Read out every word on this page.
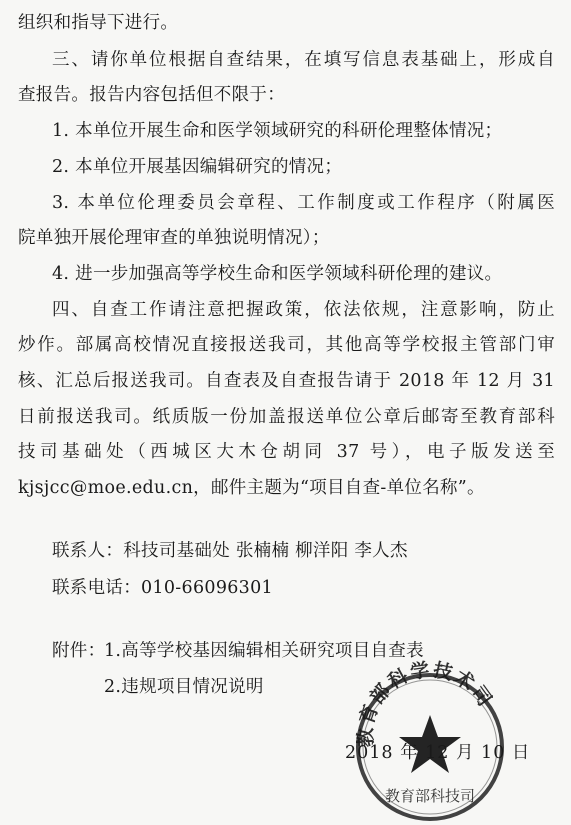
组织和指导下进行。
三、请你单位根据自查结果，在填写信息表基础上，形成自
查报告。报告内容包括但不限于：
1. 本单位开展生命和医学领域研究的科研伦理整体情况；
2. 本单位开展基因编辑研究的情况；
3. 本单位伦理委员会章程、工作制度或工作程序（附属医
院单独开展伦理审查的单独说明情况）；
4. 进一步加强高等学校生命和医学领域科研伦理的建议。
四、自查工作请注意把握政策，依法依规，注意影响，防止
炒作。部属高校情况直接报送我司，其他高等学校报主管部门审
核、汇总后报送我司。自查表及自查报告请于 2018 年 12 月 31
日前报送我司。纸质版一份加盖报送单位公章后邮寄至教育部科
技司基础处（西城区大木仓胡同 37 号），电子版发送至
kjsjcc@moe.edu.cn，邮件主题为“项目自查-单位名称”。
联系人：科技司基础处 张楠楠 柳洋阳 李人杰
联系电话：010-66096301
附件：
1.高等学校基因编辑相关研究项目自查表
2.违规项目情况说明
教育部科学技术司
教育部科技司
2018 年 12 月 10 日
